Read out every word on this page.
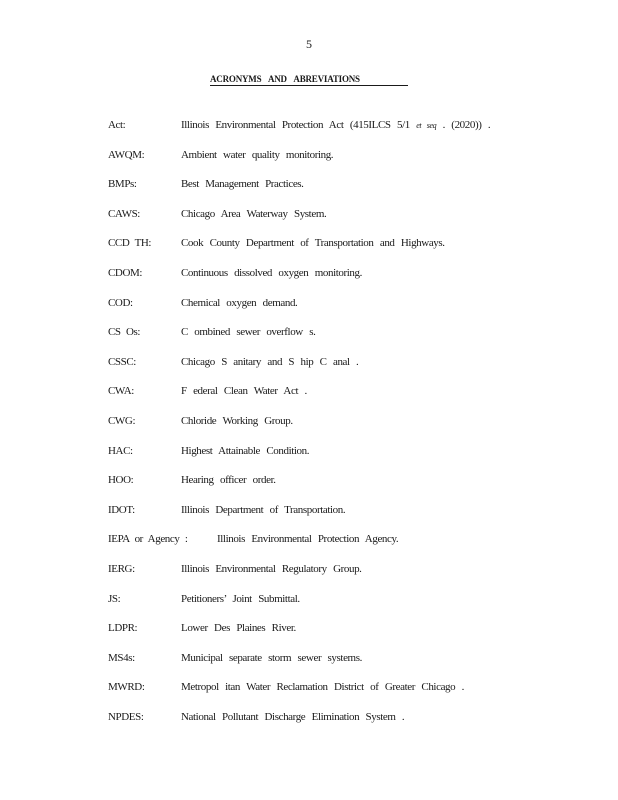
5
ACRONYMS AND ABREVIATIONS
Act:	Illinois Environmental Protection Act (415ILCS 5/1 et seq . (2020)) .
AWQM:	Ambient water quality monitoring.
BMPs:	Best Management Practices.
CAWS:	Chicago Area Waterway System.
CCD TH:	Cook County Department of Transportation and Highways.
CDOM:	Continuous dissolved oxygen monitoring.
COD:	Chemical oxygen demand.
CS Os:	C ombined sewer overflow s.
CSSC:	Chicago S anitary and S hip C anal .
CWA:	F ederal Clean Water Act .
CWG:	Chloride Working Group.
HAC:	Highest Attainable Condition.
HOO:	Hearing officer order.
IDOT:	Illinois Department of Transportation.
IEPA or Agency :	Illinois Environmental Protection Agency.
IERG:	Illinois Environmental Regulatory Group.
JS:	Petitioners’ Joint Submittal.
LDPR:	Lower Des Plaines River.
MS4s:	Municipal separate storm sewer systems.
MWRD:	Metropol itan Water Reclamation District of Greater Chicago .
NPDES:	National Pollutant Discharge Elimination System .
